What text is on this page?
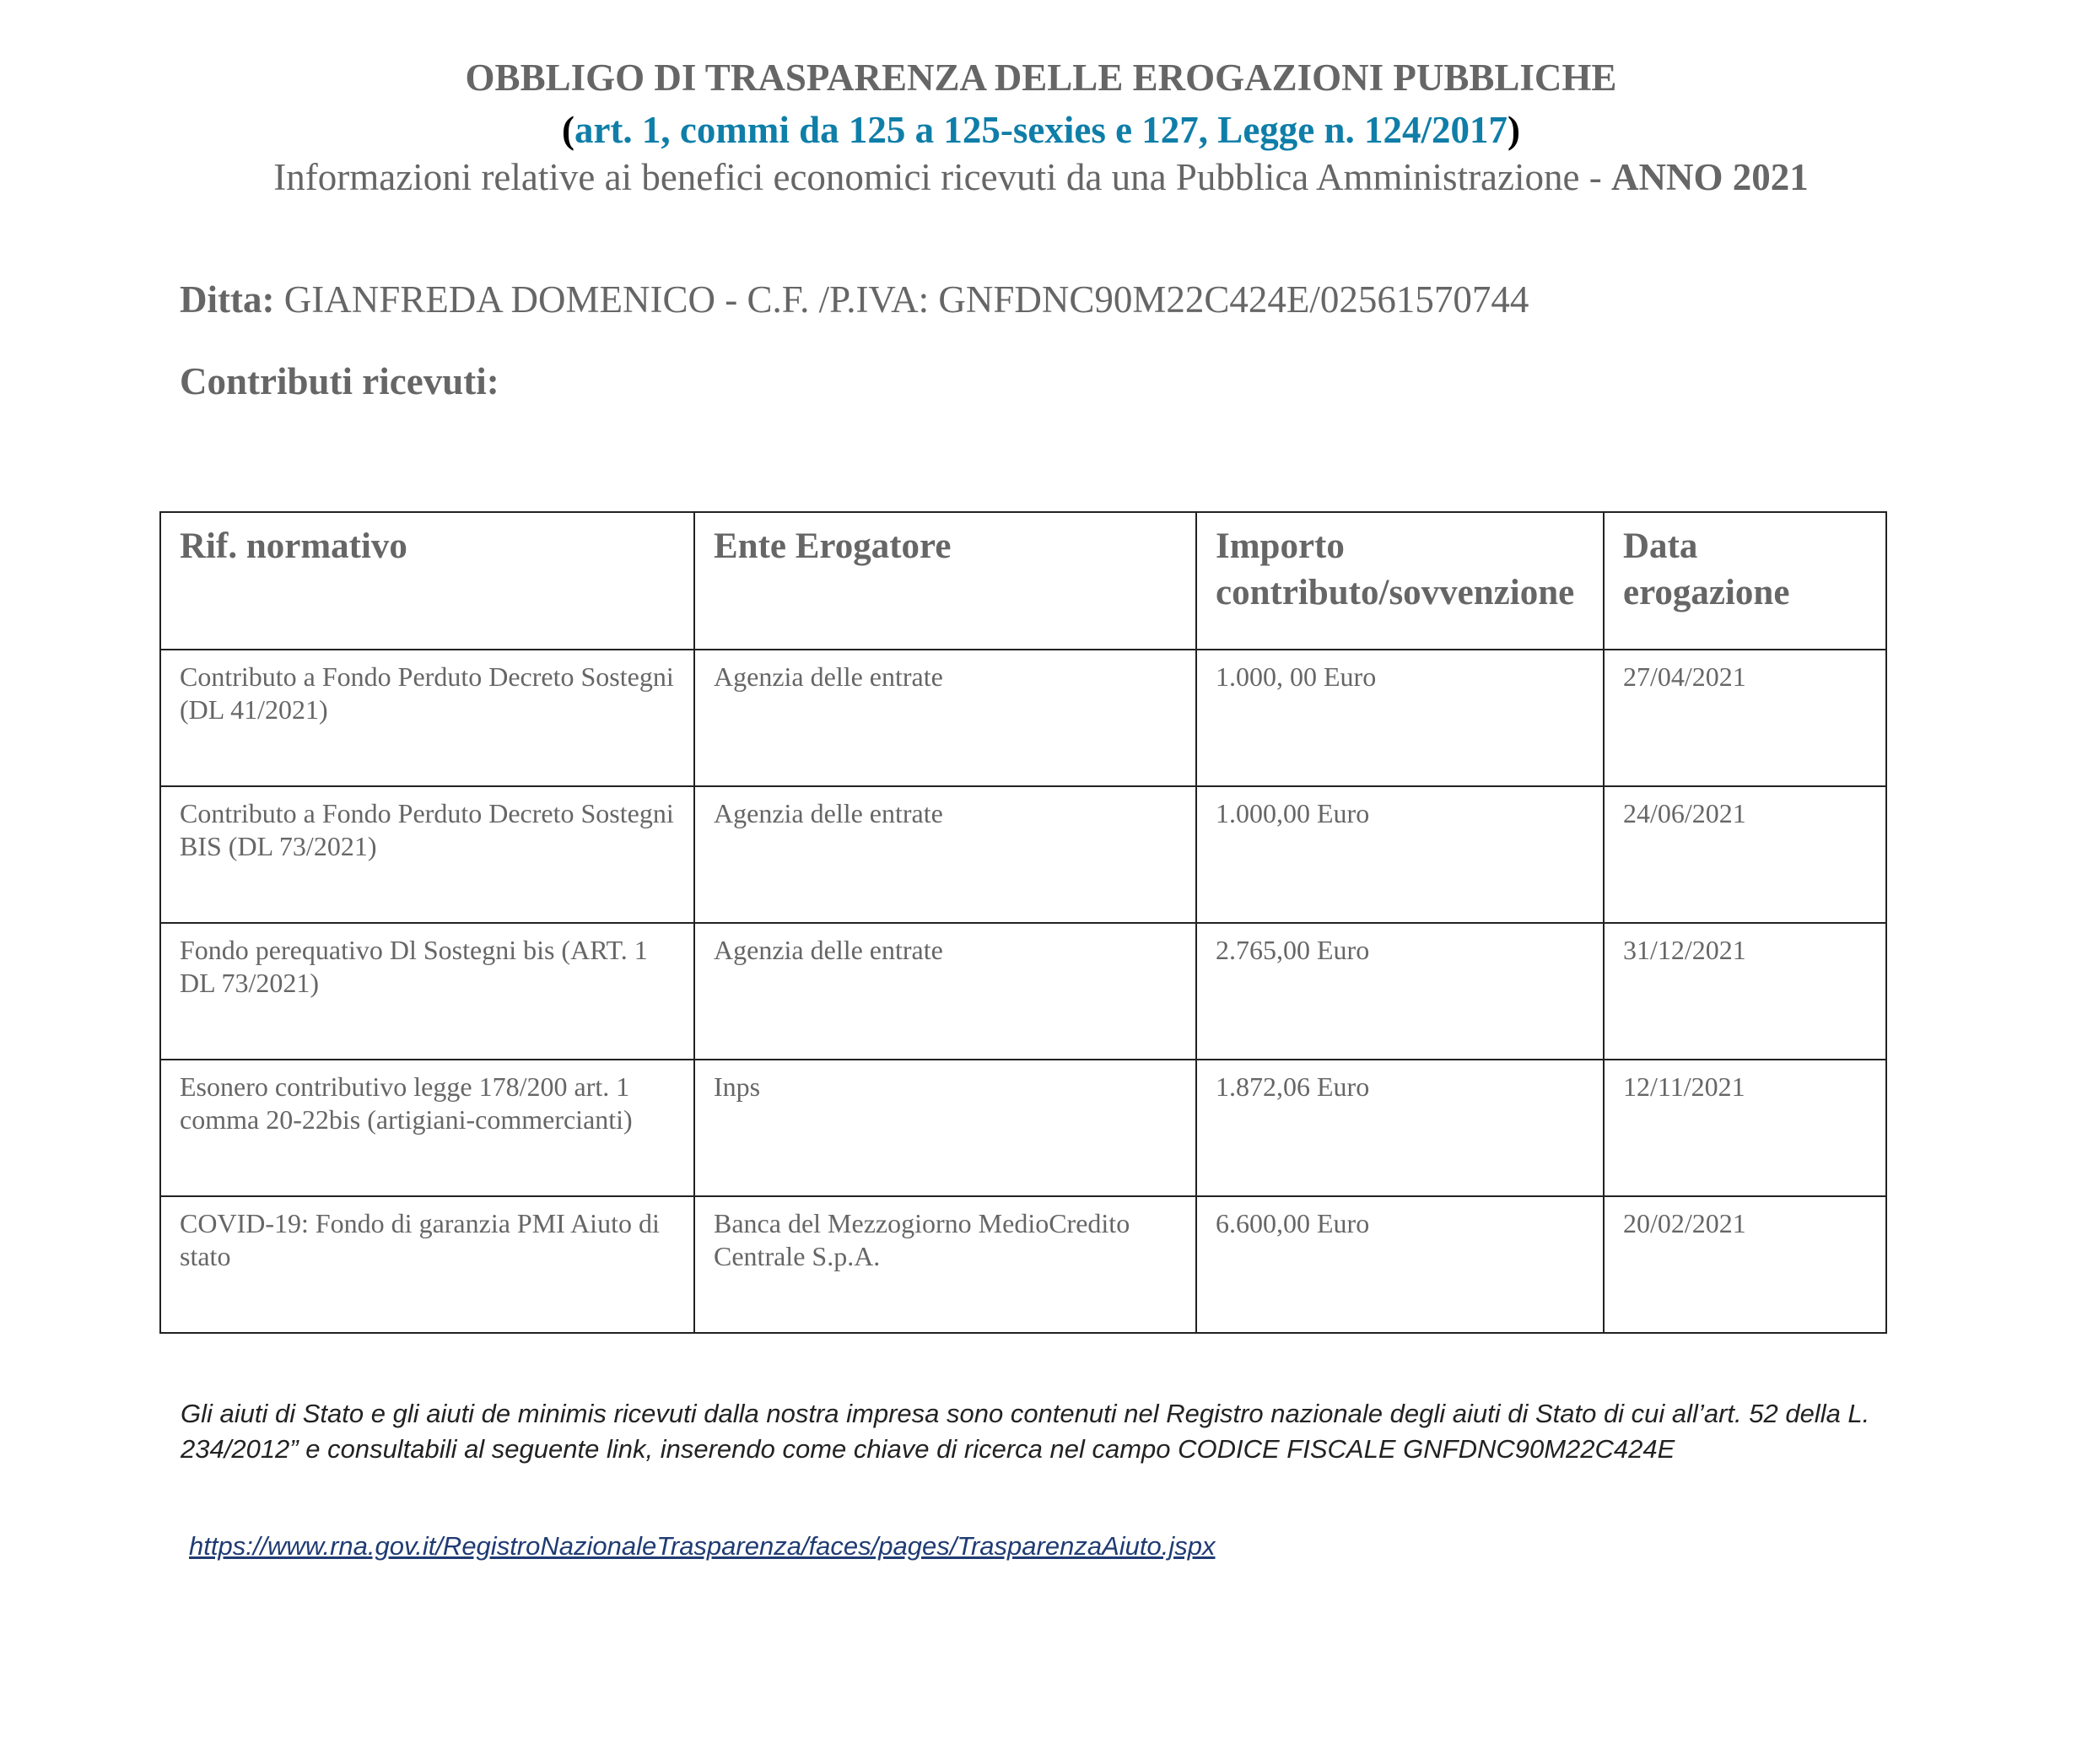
OBBLIGO DI TRASPARENZA DELLE EROGAZIONI PUBBLICHE
(art. 1, commi da 125 a 125-sexies e 127, Legge n. 124/2017)
Informazioni relative ai benefici economici ricevuti da una Pubblica Amministrazione - ANNO 2021
Ditta: GIANFREDA DOMENICO - C.F. /P.IVA: GNFDNC90M22C424E/02561570744
Contributi ricevuti:
Rif. normativo	Ente Erogatore	Importo contributo/sovvenzione	Data erogazione
Contributo a Fondo Perduto Decreto Sostegni (DL 41/2021)	Agenzia delle entrate	1.000, 00 Euro	27/04/2021
Contributo a Fondo Perduto Decreto Sostegni BIS (DL 73/2021)	Agenzia delle entrate	1.000,00 Euro	24/06/2021
Fondo perequativo Dl Sostegni bis (ART. 1 DL 73/2021)	Agenzia delle entrate	2.765,00 Euro	31/12/2021
Esonero contributivo legge 178/200 art. 1 comma 20-22bis (artigiani-commercianti)	Inps	1.872,06 Euro	12/11/2021
COVID-19: Fondo di garanzia PMI Aiuto di stato	Banca del Mezzogiorno MedioCredito Centrale S.p.A.	6.600,00 Euro	20/02/2021
Gli aiuti di Stato e gli aiuti de minimis ricevuti dalla nostra impresa sono contenuti nel Registro nazionale degli aiuti di Stato di cui all’art. 52 della L. 234/2012” e consultabili al seguente link, inserendo come chiave di ricerca nel campo CODICE FISCALE GNFDNC90M22C424E
https://www.rna.gov.it/RegistroNazionaleTrasparenza/faces/pages/TrasparenzaAiuto.jspx
